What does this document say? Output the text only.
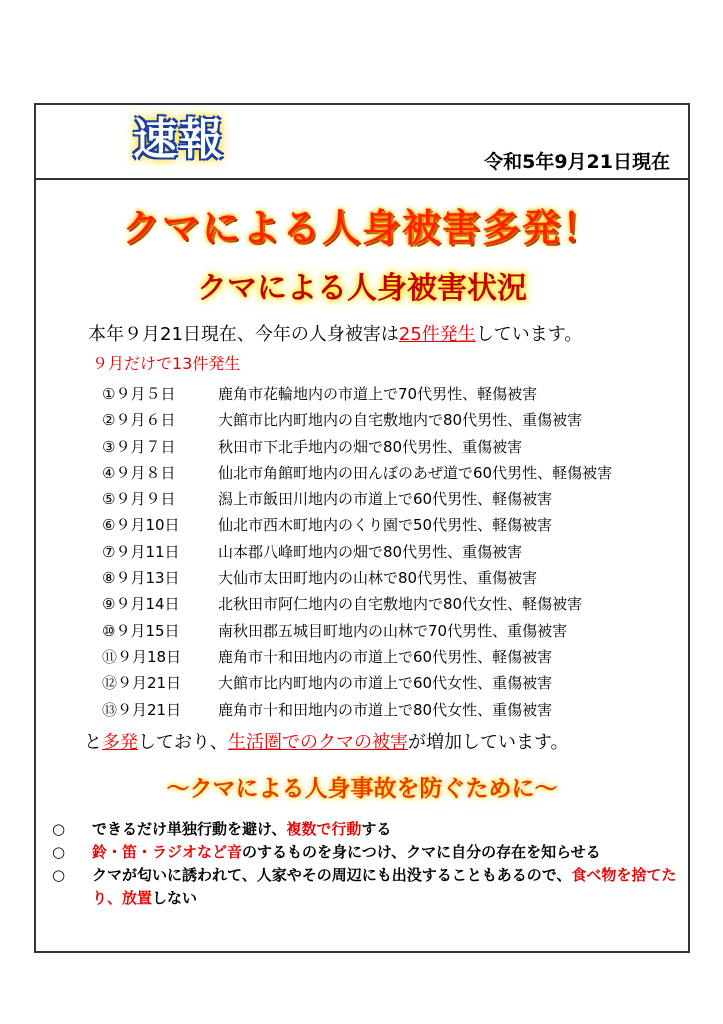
速報	令和5年9月21日現在
クマによる人身被害多発！
クマによる人身被害状況
本年９月21日現在、今年の人身被害は25件発生しています。
９月だけで13件発生
①９月５日	鹿角市花輪地内の市道上で70代男性、軽傷被害
②９月６日	大館市比内町地内の自宅敷地内で80代男性、重傷被害
③９月７日	秋田市下北手地内の畑で80代男性、重傷被害
④９月８日	仙北市角館町地内の田んぼのあぜ道で60代男性、軽傷被害
⑤９月９日	潟上市飯田川地内の市道上で60代男性、軽傷被害
⑥９月10日	仙北市西木町地内のくり園で50代男性、軽傷被害
⑦９月11日	山本郡八峰町地内の畑で80代男性、重傷被害
⑧９月13日	大仙市太田町地内の山林で80代男性、重傷被害
⑨９月14日	北秋田市阿仁地内の自宅敷地内で80代女性、軽傷被害
⑩９月15日	南秋田郡五城目町地内の山林で70代男性、重傷被害
⑪９月18日 鹿角市十和田地内の市道上で60代男性、軽傷被害
⑫９月21日 大館市比内町地内の市道上で60代女性、重傷被害
⑬９月21日 鹿角市十和田地内の市道上で80代女性、重傷被害
と多発しており、生活圏でのクマの被害が増加しています。
～クマによる人身事故を防ぐために～
○ できるだけ単独行動を避け、複数で行動する
○ 鈴・笛・ラジオなど音のするものを身につけ、クマに自分の存在を知らせる
○ クマが匂いに誘われて、人家やその周辺にも出没することもあるので、食べ物を捨てたり、放置しない
